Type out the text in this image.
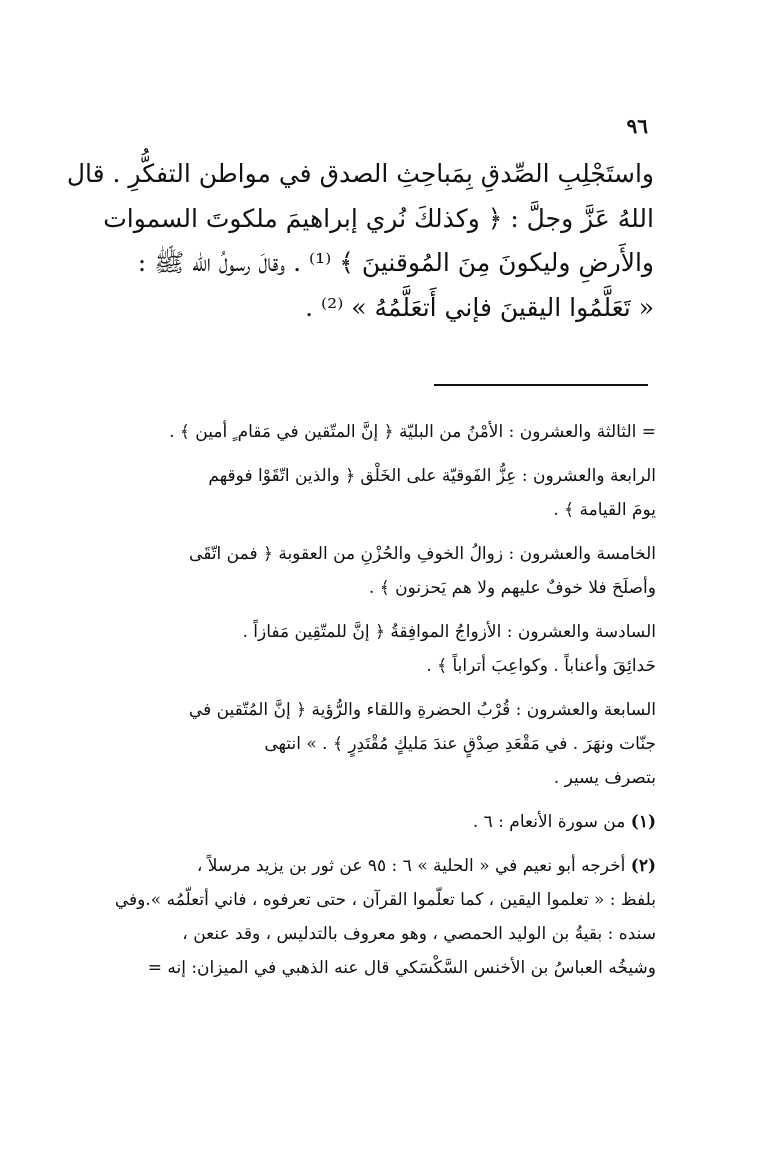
٩٦
واستَجْلِبِ الصِّدقِ بِمَباحِثِ الصدق في مواطن التفكُّرِ . قال
اللهُ عَزَّ وجلَّ : ﴿ وكذلكَ نُري إبراهيمَ ملكوتَ السموات
والأَرضِ وليكونَ مِنَ المُوقنينَ ﴾ ⁽¹⁾ . وقالَ رسولُ الله ﷺ :
« تَعَلَّمُوا اليقينَ فإني أَتعَلَّمُهُ » ⁽²⁾ .
= الثالثة والعشرون : الأمْنُ من البليّة ﴿ إنَّ المتّقين في مَقام ٍ أمين ﴾ .
الرابعة والعشرون : عِزُّ الفَوقيّة على الخَلْق ﴿ والذين اتّقَوْا فوقهم
يومَ القيامة ﴾ .
الخامسة والعشرون : زوالُ الخوفِ والحُزْنِ من العقوبة ﴿ فمن اتّقَى
وأصلَحَ فلا خوفٌ عليهم ولا هم يَحزنون ﴾ .
السادسة والعشرون : الأزواجُ الموافِقةُ ﴿ إنَّ للمتّقِين مَفازاً .
حَدائِقَ وأعناباً . وكواعِبَ أتراباً ﴾ .
السابعة والعشرون : قُرْبُ الحضرةِ واللقاء والرُّؤية ﴿ إنَّ المُتّقين في
جنّات ونهَرَ . في مَقْعَدِ صِدْقٍ عندَ مَليكٍ مُقْتَدِرٍ ﴾ . » انتهى
بتصرف يسير .
(١) من سورة الأنعام : ٦ .
(٢) أخرجه أبو نعيم في « الحلية » ٦ : ٩٥ عن ثور بن يزيد مرسلاً ،
بلفظ : « تعلموا اليقين ، كما تعلّموا القرآن ، حتى تعرفوه ، فاني أتعلّمُه ».وفي
سنده : بقيةُ بن الوليد الحمصي ، وهو معروف بالتدليس ، وقد عنعن ،
وشيخُه العباسُ بن الأخنس السَّكْسَكي قال عنه الذهبي في الميزان: إنه =
